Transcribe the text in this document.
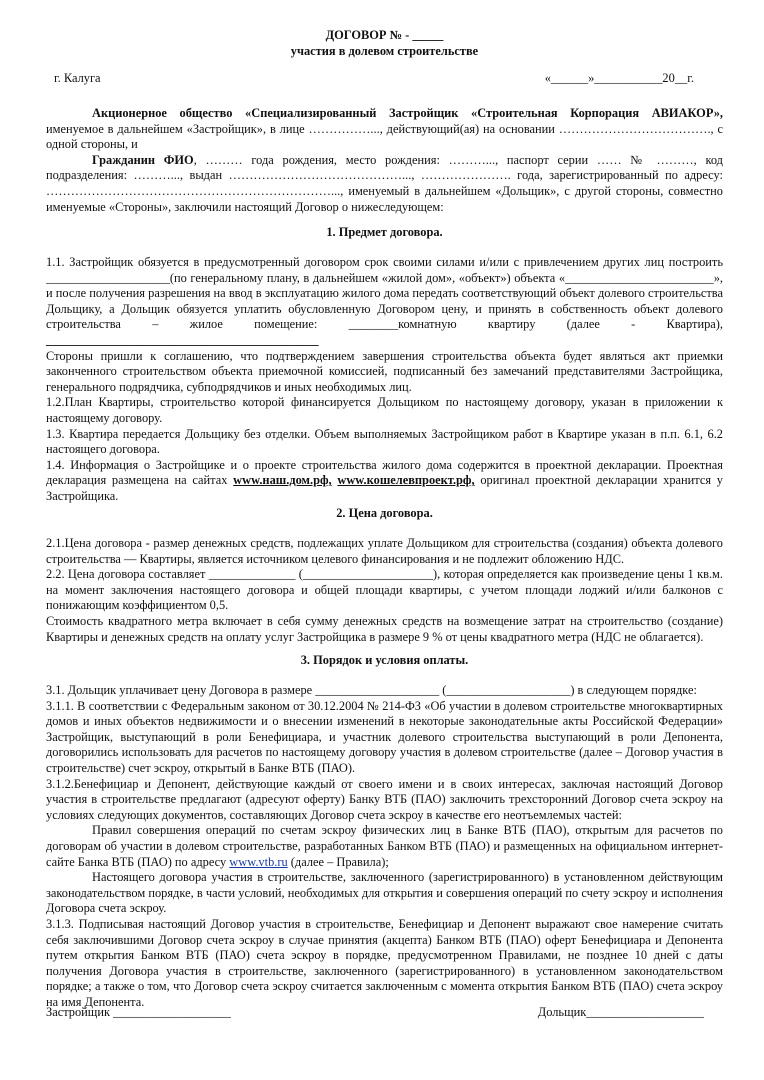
ДОГОВОР № - _____

участия в долевом строительстве

г. Калуга	«______»___________20__г.

Акционерное общество «Специализированный Застройщик «Строительная Корпорация АВИАКОР», именуемое в дальнейшем «Застройщик», в лице ……………..., действующий(ая) на основании ………………………………., с одной стороны, и

Гражданин ФИО, ……… года рождения, место рождения: ………..., паспорт серии …… № ………, код подразделения: ………..., выдан ……………………………………..., …………………. года, зарегистрированный по адресу: ……………………………………………………………..., именуемый в дальнейшем «Дольщик», с другой стороны, совместно именуемые «Стороны», заключили настоящий Договор о нижеследующем:

1. Предмет договора.

1.1. Застройщик обязуется в предусмотренный договором срок своими силами и/или с привлечением других лиц построить ____________________(по генеральному плану, в дальнейшем «жилой дом», «объект») объекта «________________________», и после получения разрешения на ввод в эксплуатацию жилого дома передать соответствующий объект долевого строительства Дольщику, а Дольщик обязуется уплатить обусловленную Договором цену, и принять в собственность объект долевого строительства – жилое помещение: ________комнатную квартиру (далее - Квартира), ____________________________________________

Стороны пришли к соглашению, что подтверждением завершения строительства объекта будет являться акт приемки законченного строительством объекта приемочной комиссией, подписанный без замечаний представителями Застройщика, генерального подрядчика, субподрядчиков и иных необходимых лиц.

1.2.План Квартиры, строительство которой финансируется Дольщиком по настоящему договору, указан в приложении к настоящему договору.

1.3. Квартира передается Дольщику без отделки. Объем выполняемых Застройщиком работ в Квартире указан в п.п. 6.1, 6.2 настоящего договора.

1.4. Информация о Застройщике и о проекте строительства жилого дома содержится в проектной декларации. Проектная декларация размещена на сайтах www.наш.дом.рф, www.кошелевпроект.рф, оригинал проектной декларации хранится у Застройщика.

2. Цена договора.

2.1.Цена договора - размер денежных средств, подлежащих уплате Дольщиком для строительства (создания) объекта долевого строительства — Квартиры, является источником целевого финансирования и не подлежит обложению НДС.

2.2. Цена договора составляет ______________ (_____________________), которая определяется как произведение цены 1 кв.м. на момент заключения настоящего договора и общей площади квартиры, с учетом площади лоджий и/или балконов с понижающим коэффициентом 0,5.

Стоимость квадратного метра включает в себя сумму денежных средств на возмещение затрат на строительство (создание) Квартиры и денежных средств на оплату услуг Застройщика в размере 9 % от цены квадратного метра (НДС не облагается).

3. Порядок и условия оплаты.

3.1. Дольщик уплачивает цену Договора в размере ____________________ (____________________) в следующем порядке:

3.1.1. В соответствии с Федеральным законом от 30.12.2004 № 214-ФЗ «Об участии в долевом строительстве многоквартирных домов и иных объектов недвижимости и о внесении изменений в некоторые законодательные акты Российской Федерации» Застройщик, выступающий в роли Бенефициара, и участник долевого строительства выступающий в роли Депонента, договорились использовать для расчетов по настоящему договору участия в долевом строительстве (далее – Договор участия в строительстве) счет эскроу, открытый в Банке ВТБ (ПАО).

3.1.2.Бенефициар и Депонент, действующие каждый от своего имени и в своих интересах, заключая настоящий Договор участия в строительстве предлагают (адресуют оферту) Банку ВТБ (ПАО) заключить трехсторонний Договор счета эскроу на условиях следующих документов, составляющих Договор счета эскроу в качестве его неотъемлемых частей:

Правил совершения операций по счетам эскроу физических лиц в Банке ВТБ (ПАО), открытым для расчетов по договорам об участии в долевом строительстве, разработанных Банком ВТБ (ПАО) и размещенных на официальном интернет-сайте Банка ВТБ (ПАО) по адресу www.vtb.ru (далее – Правила);

Настоящего договора участия в строительстве, заключенного (зарегистрированного) в установленном действующим законодательством порядке, в части условий, необходимых для открытия и совершения операций по счету эскроу и исполнения Договора счета эскроу.

3.1.3. Подписывая настоящий Договор участия в строительстве, Бенефициар и Депонент выражают свое намерение считать себя заключившими Договор счета эскроу в случае принятия (акцепта) Банком ВТБ (ПАО) оферт Бенефициара и Депонента путем открытия Банком ВТБ (ПАО) счета эскроу в порядке, предусмотренном Правилами, не позднее 10 дней с даты получения Договора участия в строительстве, заключенного (зарегистрированного) в установленном законодательством порядке; а также о том, что Договор счета эскроу считается заключенным с момента открытия Банком ВТБ (ПАО) счета эскроу на имя Депонента.

Застройщик ___________________	Дольщик___________________
